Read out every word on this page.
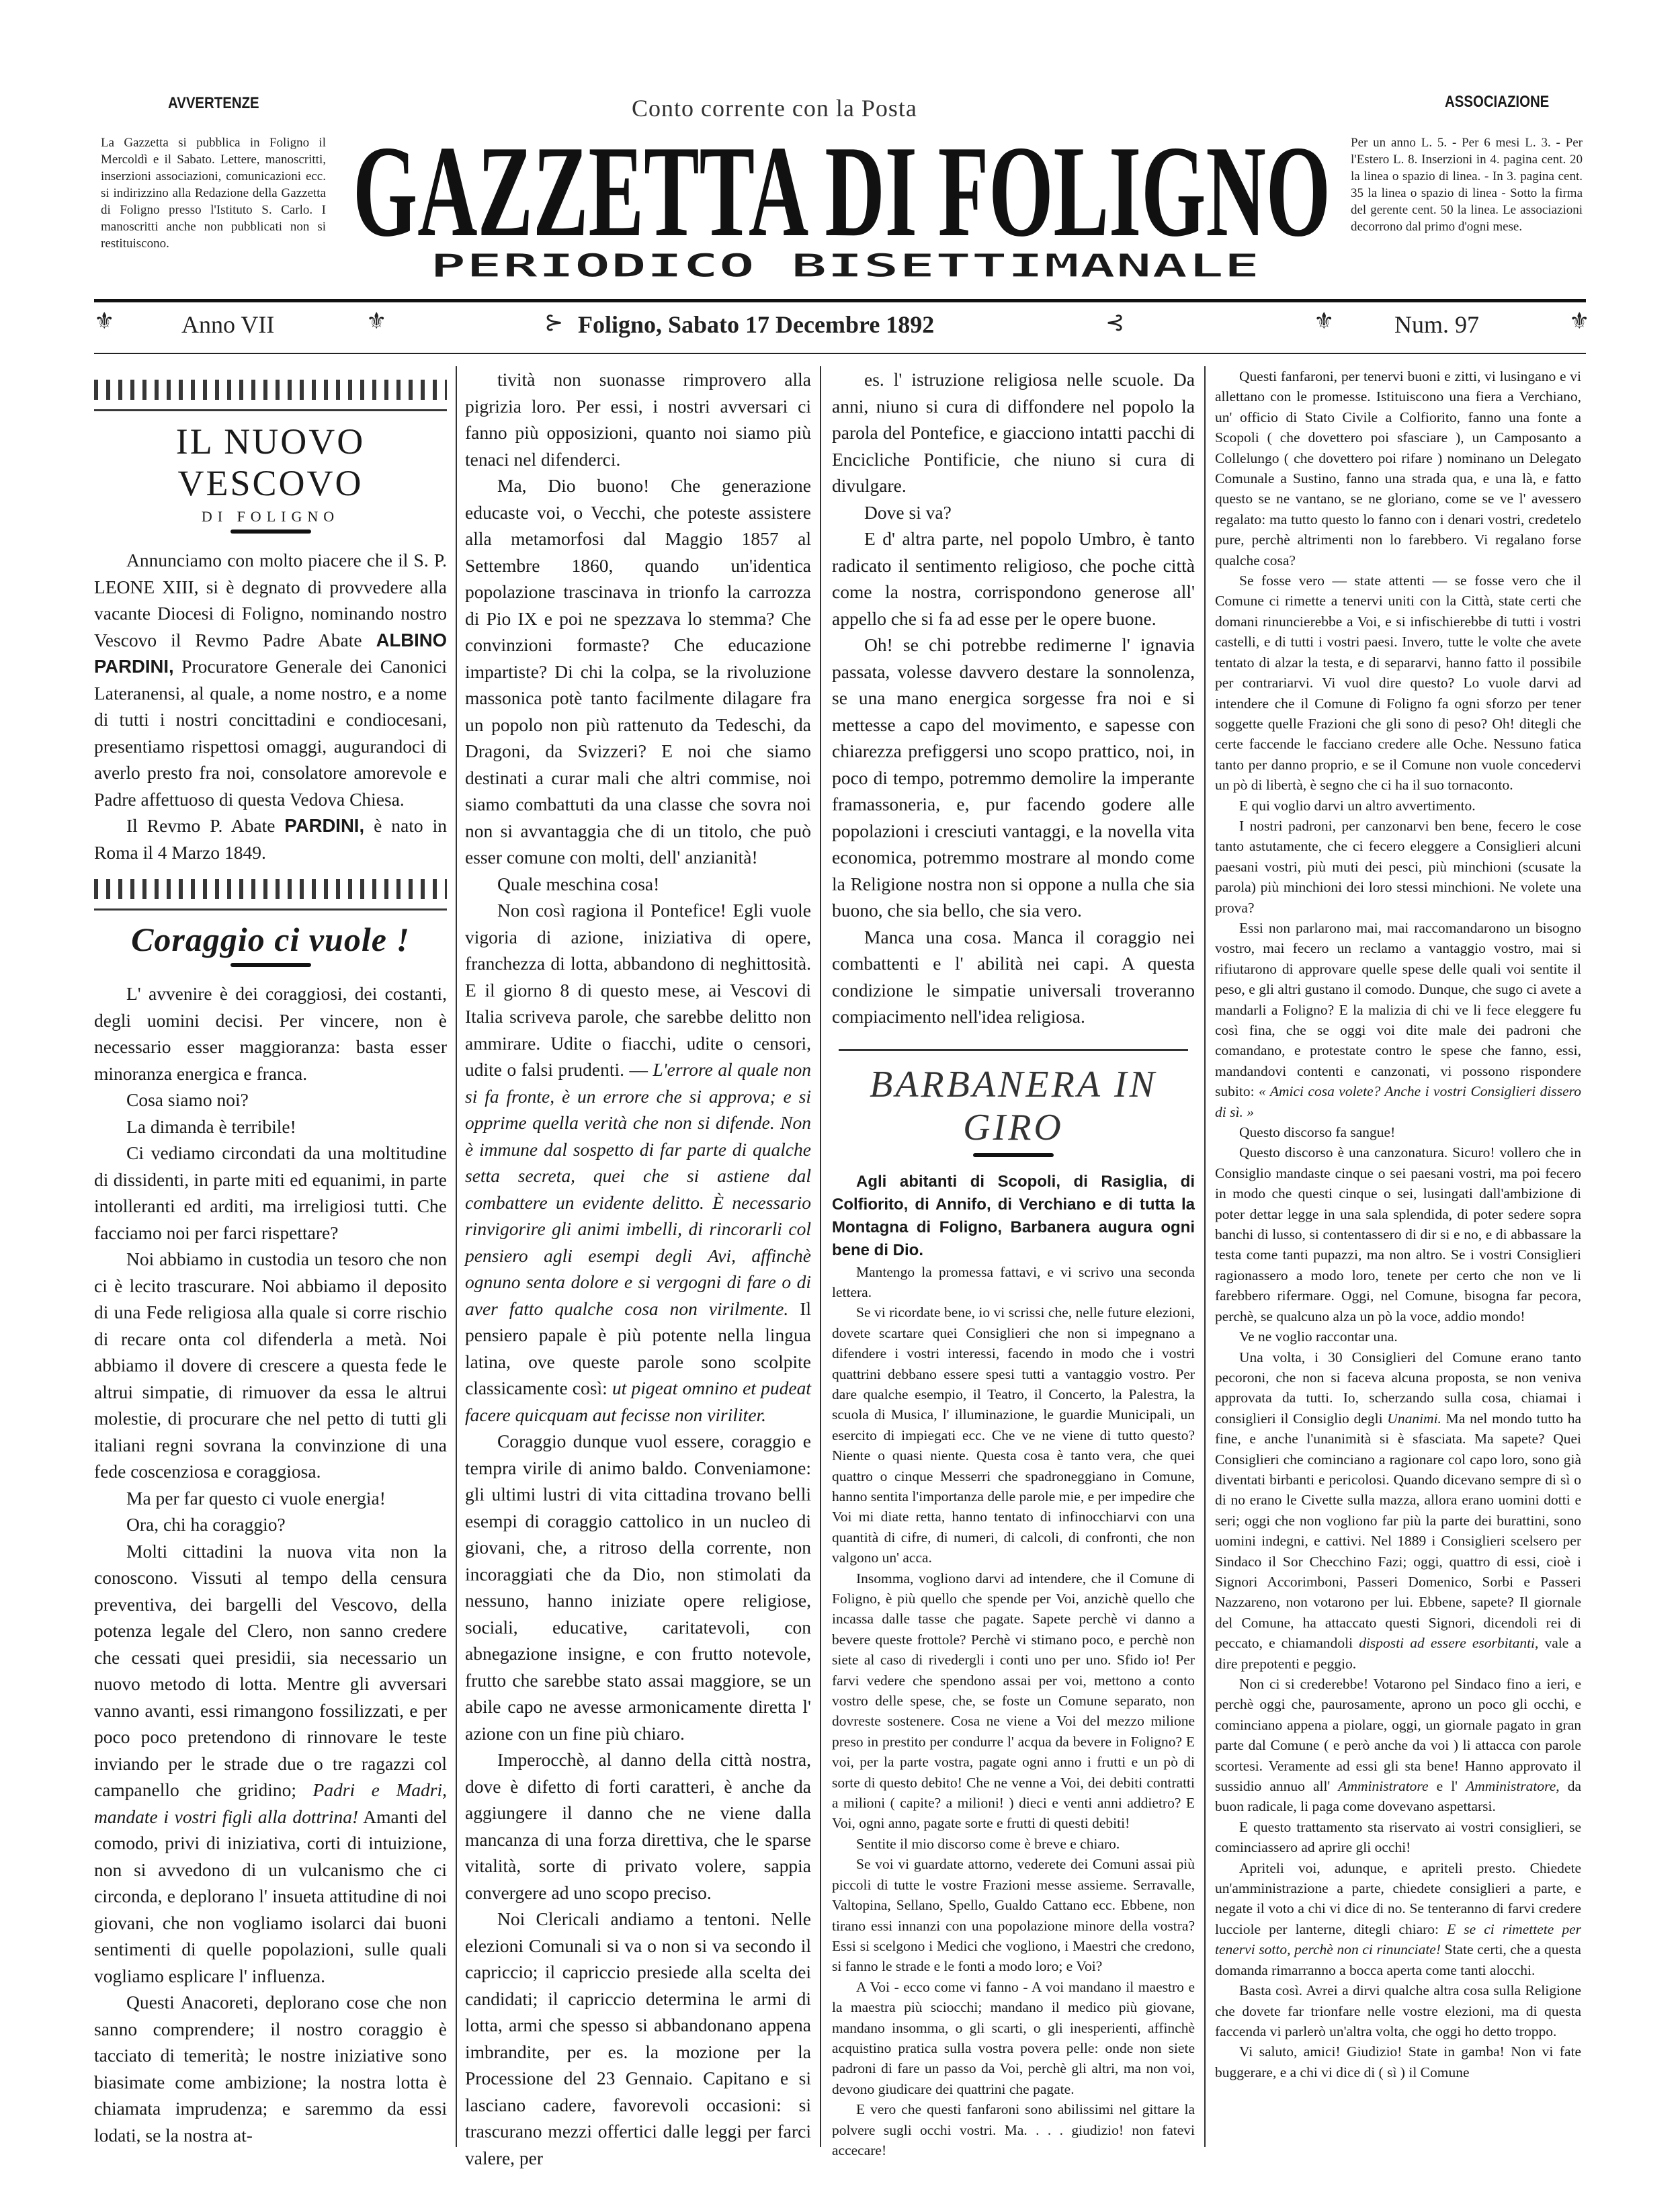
AVVERTENZE
La Gazzetta si pubblica in Foligno il Mercoldì e il Sabato. Lettere, manoscritti, inserzioni associazioni, comunicazioni ecc. si indirizzino alla Redazione della Gazzetta di Foligno presso l'Istituto S. Carlo. I manoscritti anche non pubblicati non si restituiscono.
Conto corrente con la Posta
GAZZETTA DI FOLIGNO
PERIODICO BISETTIMANALE
ASSOCIAZIONE
Per un anno L. 5. - Per 6 mesi L. 3. - Per l'Estero L. 8. Inserzioni in 4. pagina cent. 20 la linea o spazio di linea. - In 3. pagina cent. 35 la linea o spazio di linea - Sotto la firma del gerente cent. 50 la linea. Le associazioni decorrono dal primo d'ogni mese.
⚜	Anno VII	⚜	⊱ Foligno, Sabato 17 Decembre 1892	⊰	⚜ Num. 97	⚜
IL NUOVO VESCOVO
DI FOLIGNO

Annunciamo con molto piacere che il S. P. LEONE XIII, si è degnato di provvedere alla vacante Diocesi di Foligno, nominando nostro Vescovo il Revmo Padre Abate ALBINO PARDINI, Procuratore Generale dei Canonici Lateranensi, al quale, a nome nostro, e a nome di tutti i nostri concittadini e condiocesani, presentiamo rispettosi omaggi, augurandoci di averlo presto fra noi, consolatore amorevole e Padre affettuoso di questa Vedova Chiesa.

Il Revmo P. Abate PARDINI, è nato in Roma il 4 Marzo 1849.

Coraggio ci vuole !

L' avvenire è dei coraggiosi, dei costanti, degli uomini decisi. Per vincere, non è necessario esser maggioranza: basta esser minoranza energica e franca.

Cosa siamo noi?

La dimanda è terribile!

Ci vediamo circondati da una moltitudine di dissidenti, in parte miti ed equanimi, in parte intolleranti ed arditi, ma irreligiosi tutti. Che facciamo noi per farci rispettare?

Noi abbiamo in custodia un tesoro che non ci è lecito trascurare. Noi abbiamo il deposito di una Fede religiosa alla quale si corre rischio di recare onta col difenderla a metà. Noi abbiamo il dovere di crescere a questa fede le altrui simpatie, di rimuover da essa le altrui molestie, di procurare che nel petto di tutti gli italiani regni sovrana la convinzione di una fede coscenziosa e coraggiosa.

Ma per far questo ci vuole energia!

Ora, chi ha coraggio?

Molti cittadini la nuova vita non la conoscono. Vissuti al tempo della censura preventiva, dei bargelli del Vescovo, della potenza legale del Clero, non sanno credere che cessati quei presidii, sia necessario un nuovo metodo di lotta. Mentre gli avversari vanno avanti, essi rimangono fossilizzati, e per poco poco pretendono di rinnovare le teste inviando per le strade due o tre ragazzi col campanello che gridino; Padri e Madri, mandate i vostri figli alla dottrina! Amanti del comodo, privi di iniziativa, corti di intuizione, non si avvedono di un vulcanismo che ci circonda, e deplorano l' insueta attitudine di noi giovani, che non vogliamo isolarci dai buoni sentimenti di quelle popolazioni, sulle quali vogliamo esplicare l' influenza.

Questi Anacoreti, deplorano cose che non sanno comprendere; il nostro coraggio è tacciato di temerità; le nostre iniziative sono biasimate come ambizione; la nostra lotta è chiamata imprudenza; e saremmo da essi lodati, se la nostra at-

tività non suonasse rimprovero alla pigrizia loro. Per essi, i nostri avversari ci fanno più opposizioni, quanto noi siamo più tenaci nel difenderci.

Ma, Dio buono! Che generazione educaste voi, o Vecchi, che poteste assistere alla metamorfosi dal Maggio 1857 al Settembre 1860, quando un'identica popolazione trascinava in trionfo la carrozza di Pio IX e poi ne spezzava lo stemma? Che convinzioni formaste? Che educazione impartiste? Di chi la colpa, se la rivoluzione massonica potè tanto facilmente dilagare fra un popolo non più rattenuto da Tedeschi, da Dragoni, da Svizzeri? E noi che siamo destinati a curar mali che altri commise, noi siamo combattuti da una classe che sovra noi non si avvantaggia che di un titolo, che può esser comune con molti, dell' anzianità!

Quale meschina cosa!

Non così ragiona il Pontefice! Egli vuole vigoria di azione, iniziativa di opere, franchezza di lotta, abbandono di neghittosità. E il giorno 8 di questo mese, ai Vescovi di Italia scriveva parole, che sarebbe delitto non ammirare. Udite o fiacchi, udite o censori, udite o falsi prudenti. — L'errore al quale non si fa fronte, è un errore che si approva; e si opprime quella verità che non si difende. Non è immune dal sospetto di far parte di qualche setta secreta, quei che si astiene dal combattere un evidente delitto. È necessario rinvigorire gli animi imbelli, di rincorarli col pensiero agli esempi degli Avi, affinchè ognuno senta dolore e si vergogni di fare o di aver fatto qualche cosa non virilmente. Il pensiero papale è più potente nella lingua latina, ove queste parole sono scolpite classicamente così: ut pigeat omnino et pudeat facere quicquam aut fecisse non viriliter.

Coraggio dunque vuol essere, coraggio e tempra virile di animo baldo. Conveniamone: gli ultimi lustri di vita cittadina trovano belli esempi di coraggio cattolico in un nucleo di giovani, che, a ritroso della corrente, non incoraggiati che da Dio, non stimolati da nessuno, hanno iniziate opere religiose, sociali, educative, caritatevoli, con abnegazione insigne, e con frutto notevole, frutto che sarebbe stato assai maggiore, se un abile capo ne avesse armonicamente diretta l' azione con un fine più chiaro.

Imperocchè, al danno della città nostra, dove è difetto di forti caratteri, è anche da aggiungere il danno che ne viene dalla mancanza di una forza direttiva, che le sparse vitalità, sorte di privato volere, sappia convergere ad uno scopo preciso.

Noi Clericali andiamo a tentoni. Nelle elezioni Comunali si va o non si va secondo il capriccio; il capriccio presiede alla scelta dei candidati; il capriccio determina le armi di lotta, armi che spesso si abbandonano appena imbrandite, per es. la mozione per la Processione del 23 Gennaio. Capitano e si lasciano cadere, favorevoli occasioni: si trascurano mezzi offertici dalle leggi per farci valere, per

es. l' istruzione religiosa nelle scuole. Da anni, niuno si cura di diffondere nel popolo la parola del Pontefice, e giacciono intatti pacchi di Encicliche Pontificie, che niuno si cura di divulgare.

Dove si va?

E d' altra parte, nel popolo Umbro, è tanto radicato il sentimento religioso, che poche città come la nostra, corrispondono generose all' appello che si fa ad esse per le opere buone.

Oh! se chi potrebbe redimerne l' ignavia passata, volesse davvero destare la sonnolenza, se una mano energica sorgesse fra noi e si mettesse a capo del movimento, e sapesse con chiarezza prefiggersi uno scopo prattico, noi, in poco di tempo, potremmo demolire la imperante framassoneria, e, pur facendo godere alle popolazioni i cresciuti vantaggi, e la novella vita economica, potremmo mostrare al mondo come la Religione nostra non si oppone a nulla che sia buono, che sia bello, che sia vero.

Manca una cosa. Manca il coraggio nei combattenti e l' abilità nei capi. A questa condizione le simpatie universali troveranno compiacimento nell'idea religiosa.

BARBANERA IN GIRO

Agli abitanti di Scopoli, di Rasiglia, di Colfiorito, di Annifo, di Verchiano e di tutta la Montagna di Foligno, Barbanera augura ogni bene di Dio.

Mantengo la promessa fattavi, e vi scrivo una seconda lettera.

Se vi ricordate bene, io vi scrissi che, nelle future elezioni, dovete scartare quei Consiglieri che non si impegnano a difendere i vostri interessi, facendo in modo che i vostri quattrini debbano essere spesi tutti a vantaggio vostro. Per dare qualche esempio, il Teatro, il Concerto, la Palestra, la scuola di Musica, l' illuminazione, le guardie Municipali, un esercito di impiegati ecc. Che ve ne viene di tutto questo? Niente o quasi niente. Questa cosa è tanto vera, che quei quattro o cinque Messerri che spadroneggiano in Comune, hanno sentita l'importanza delle parole mie, e per impedire che Voi mi diate retta, hanno tentato di infinocchiarvi con una quantità di cifre, di numeri, di calcoli, di confronti, che non valgono un' acca.

Insomma, vogliono darvi ad intendere, che il Comune di Foligno, è più quello che spende per Voi, anzichè quello che incassa dalle tasse che pagate. Sapete perchè vi danno a bevere queste frottole? Perchè vi stimano poco, e perchè non siete al caso di rivedergli i conti uno per uno. Sfido io! Per farvi vedere che spendono assai per voi, mettono a conto vostro delle spese, che, se foste un Comune separato, non dovreste sostenere. Cosa ne viene a Voi del mezzo milione preso in prestito per condurre l' acqua da bevere in Foligno? E voi, per la parte vostra, pagate ogni anno i frutti e un pò di sorte di questo debito! Che ne venne a Voi, dei debiti contratti a milioni ( capite? a milioni! ) dieci e venti anni addietro? E Voi, ogni anno, pagate sorte e frutti di questi debiti!

Sentite il mio discorso come è breve e chiaro.

Se voi vi guardate attorno, vederete dei Comuni assai più piccoli di tutte le vostre Frazioni messe assieme. Serravalle, Valtopina, Sellano, Spello, Gualdo Cattano ecc. Ebbene, non tirano essi innanzi con una popolazione minore della vostra? Essi si scelgono i Medici che vogliono, i Maestri che credono, si fanno le strade e le fonti a modo loro; e Voi?

A Voi - ecco come vi fanno - A voi mandano il maestro e la maestra più sciocchi; mandano il medico più giovane, mandano insomma, o gli scarti, o gli inesperienti, affinchè acquistino pratica sulla vostra povera pelle: onde non siete padroni di fare un passo da Voi, perchè gli altri, ma non voi, devono giudicare dei quattrini che pagate.

E vero che questi fanfaroni sono abilissimi nel gittare la polvere sugli occhi vostri. Ma. . . . giudizio! non fatevi accecare!

Questi fanfaroni, per tenervi buoni e zitti, vi lusingano e vi allettano con le promesse. Istituiscono una fiera a Verchiano, un' officio di Stato Civile a Colfiorito, fanno una fonte a Scopoli ( che dovettero poi sfasciare ), un Camposanto a Collelungo ( che dovettero poi rifare ) nominano un Delegato Comunale a Sustino, fanno una strada qua, e una là, e fatto questo se ne vantano, se ne gloriano, come se ve l' avessero regalato: ma tutto questo lo fanno con i denari vostri, credetelo pure, perchè altrimenti non lo farebbero. Vi regalano forse qualche cosa?

Se fosse vero — state attenti — se fosse vero che il Comune ci rimette a tenervi uniti con la Città, state certi che domani rinuncierebbe a Voi, e si infischierebbe di tutti i vostri castelli, e di tutti i vostri paesi. Invero, tutte le volte che avete tentato di alzar la testa, e di separarvi, hanno fatto il possibile per contrariarvi. Vi vuol dire questo? Lo vuole darvi ad intendere che il Comune di Foligno fa ogni sforzo per tener soggette quelle Frazioni che gli sono di peso? Oh! ditegli che certe faccende le facciano credere alle Oche. Nessuno fatica tanto per danno proprio, e se il Comune non vuole concedervi un pò di libertà, è segno che ci ha il suo tornaconto.

E qui voglio darvi un altro avvertimento.

I nostri padroni, per canzonarvi ben bene, fecero le cose tanto astutamente, che ci fecero eleggere a Consiglieri alcuni paesani vostri, più muti dei pesci, più minchioni (scusate la parola) più minchioni dei loro stessi minchioni. Ne volete una prova?

Essi non parlarono mai, mai raccomandarono un bisogno vostro, mai fecero un reclamo a vantaggio vostro, mai si rifiutarono di approvare quelle spese delle quali voi sentite il peso, e gli altri gustano il comodo. Dunque, che sugo ci avete a mandarli a Foligno? E la malizia di chi ve li fece eleggere fu così fina, che se oggi voi dite male dei padroni che comandano, e protestate contro le spese che fanno, essi, mandandovi contenti e canzonati, vi possono rispondere subito: « Amici cosa volete? Anche i vostri Consiglieri dissero di sì. »

Questo discorso fa sangue!

Questo discorso è una canzonatura. Sicuro! vollero che in Consiglio mandaste cinque o sei paesani vostri, ma poi fecero in modo che questi cinque o sei, lusingati dall'ambizione di poter dettar legge in una sala splendida, di poter sedere sopra banchi di lusso, si contentassero di dir si e no, e di abbassare la testa come tanti pupazzi, ma non altro. Se i vostri Consiglieri ragionassero a modo loro, tenete per certo che non ve li farebbero rifermare. Oggi, nel Comune, bisogna far pecora, perchè, se qualcuno alza un pò la voce, addio mondo!

Ve ne voglio raccontar una.

Una volta, i 30 Consiglieri del Comune erano tanto pecoroni, che non si faceva alcuna proposta, se non veniva approvata da tutti. Io, scherzando sulla cosa, chiamai i consiglieri il Consiglio degli Unanimi. Ma nel mondo tutto ha fine, e anche l'unanimità si è sfasciata. Ma sapete? Quei Consiglieri che cominciano a ragionare col capo loro, sono già diventati birbanti e pericolosi. Quando dicevano sempre di sì o di no erano le Civette sulla mazza, allora erano uomini dotti e seri; oggi che non vogliono far più la parte dei burattini, sono uomini indegni, e cattivi. Nel 1889 i Consiglieri scelsero per Sindaco il Sor Checchino Fazi; oggi, quattro di essi, cioè i Signori Accorimboni, Passeri Domenico, Sorbi e Passeri Nazzareno, non votarono per lui. Ebbene, sapete? Il giornale del Comune, ha attaccato questi Signori, dicendoli rei di peccato, e chiamandoli disposti ad essere esorbitanti, vale a dire prepotenti e peggio.

Non ci si crederebbe! Votarono pel Sindaco fino a ieri, e perchè oggi che, paurosamente, aprono un poco gli occhi, e cominciano appena a piolare, oggi, un giornale pagato in gran parte dal Comune ( e però anche da voi ) li attacca con parole scortesi. Veramente ad essi gli sta bene! Hanno approvato il sussidio annuo all' Amministratore e l' Amministratore, da buon radicale, li paga come dovevano aspettarsi.

E questo trattamento sta riservato ai vostri consiglieri, se cominciassero ad aprire gli occhi!

Apriteli voi, adunque, e apriteli presto. Chiedete un'amministrazione a parte, chiedete consiglieri a parte, e negate il voto a chi vi dice di no. Se tenteranno di farvi credere lucciole per lanterne, ditegli chiaro: E se ci rimettete per tenervi sotto, perchè non ci rinunciate! State certi, che a questa domanda rimarranno a bocca aperta come tanti alocchi.

Basta così. Avrei a dirvi qualche altra cosa sulla Religione che dovete far trionfare nelle vostre elezioni, ma di questa faccenda vi parlerò un'altra volta, che oggi ho detto troppo.

Vi saluto, amici! Giudizio! State in gamba! Non vi fate buggerare, e a chi vi dice di ( sì ) il Comune
